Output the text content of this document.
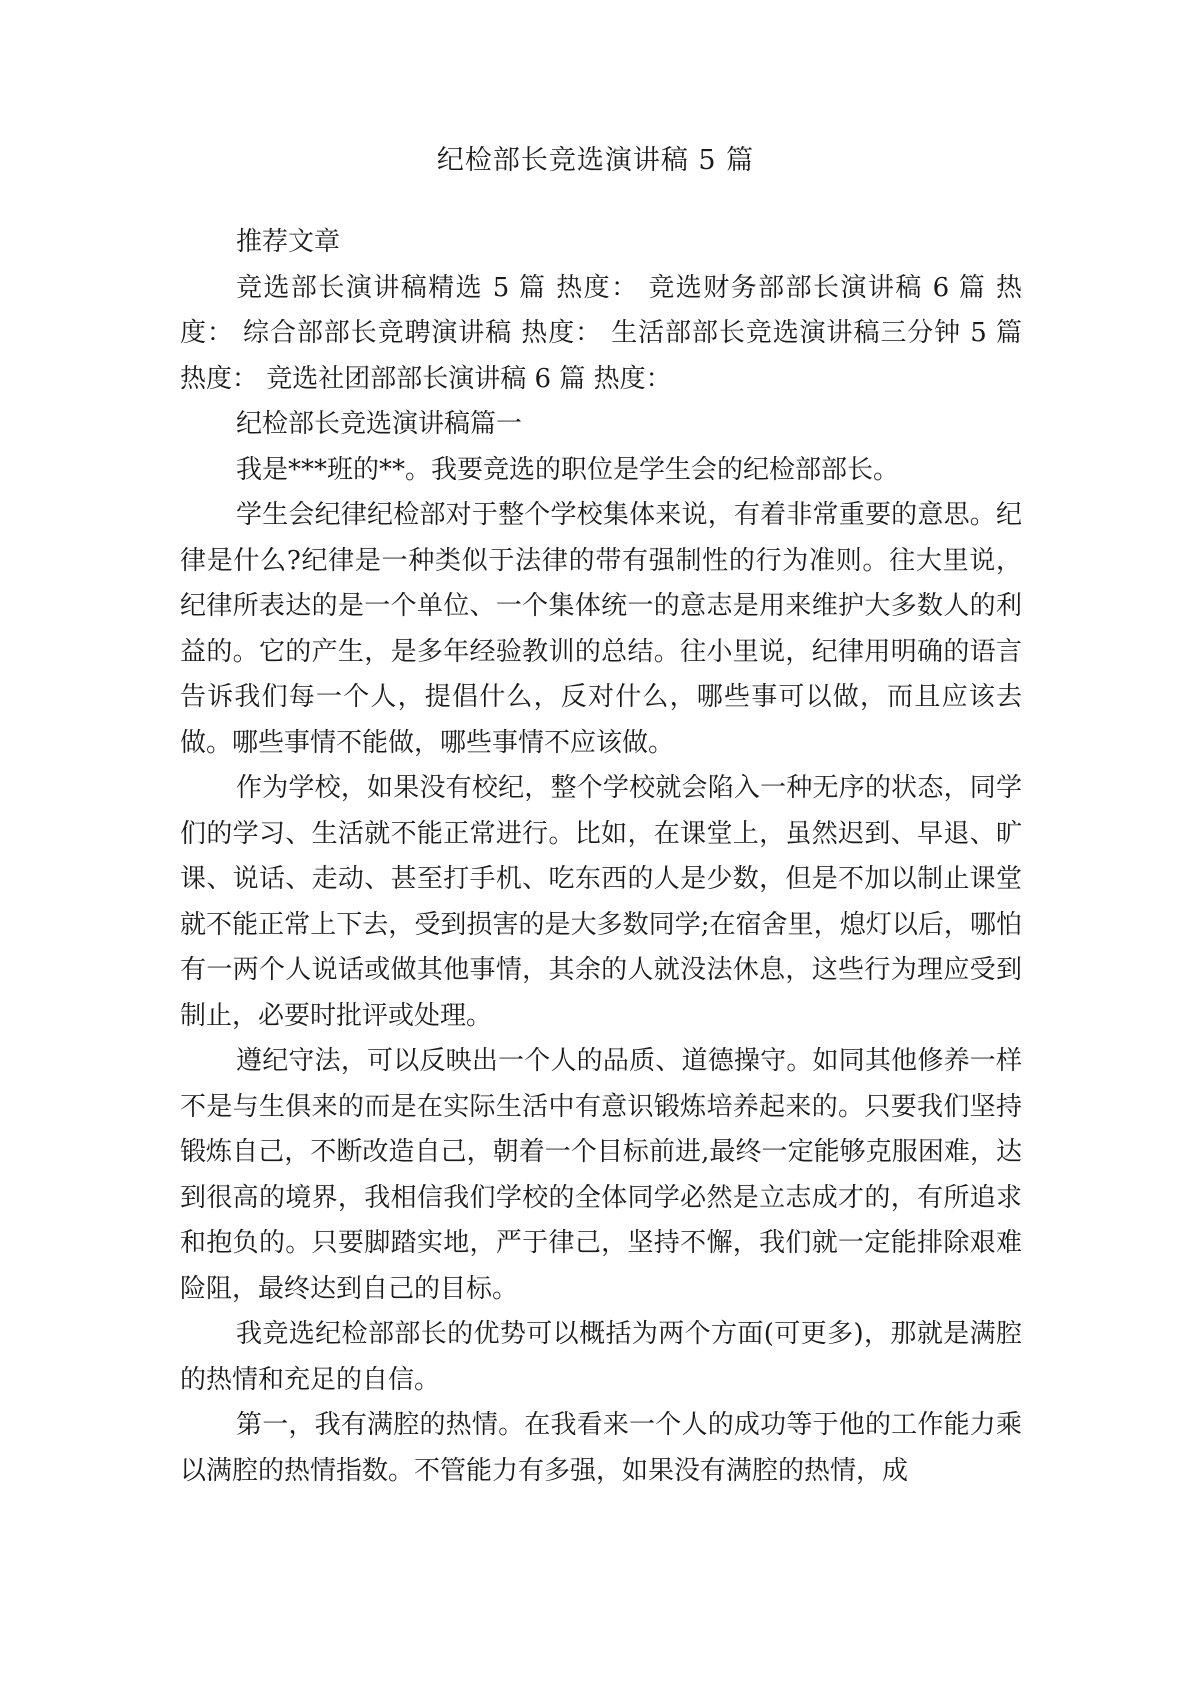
纪检部长竞选演讲稿 5 篇

推荐文章

竞选部长演讲稿精选 5 篇 热度： 竞选财务部部长演讲稿 6 篇 热度： 综合部部长竞聘演讲稿 热度： 生活部部长竞选演讲稿三分钟 5 篇 热度： 竞选社团部部长演讲稿 6 篇 热度：

纪检部长竞选演讲稿篇一

我是***班的**。我要竞选的职位是学生会的纪检部部长。

学生会纪律纪检部对于整个学校集体来说，有着非常重要的意思。纪律是什么?纪律是一种类似于法律的带有强制性的行为准则。往大里说，纪律所表达的是一个单位、一个集体统一的意志是用来维护大多数人的利益的。它的产生，是多年经验教训的总结。往小里说，纪律用明确的语言告诉我们每一个人，提倡什么，反对什么，哪些事可以做，而且应该去做。哪些事情不能做，哪些事情不应该做。

作为学校，如果没有校纪，整个学校就会陷入一种无序的状态，同学们的学习、生活就不能正常进行。比如，在课堂上，虽然迟到、早退、旷课、说话、走动、甚至打手机、吃东西的人是少数，但是不加以制止课堂就不能正常上下去，受到损害的是大多数同学;在宿舍里，熄灯以后，哪怕有一两个人说话或做其他事情，其余的人就没法休息，这些行为理应受到制止，必要时批评或处理。

遵纪守法，可以反映出一个人的品质、道德操守。如同其他修养一样不是与生俱来的而是在实际生活中有意识锻炼培养起来的。只要我们坚持锻炼自己，不断改造自己，朝着一个目标前进,最终一定能够克服困难，达到很高的境界，我相信我们学校的全体同学必然是立志成才的，有所追求和抱负的。只要脚踏实地，严于律己，坚持不懈，我们就一定能排除艰难险阻，最终达到自己的目标。

我竞选纪检部部长的优势可以概括为两个方面(可更多)，那就是满腔的热情和充足的自信。

第一，我有满腔的热情。在我看来一个人的成功等于他的工作能力乘以满腔的热情指数。不管能力有多强，如果没有满腔的热情，成
